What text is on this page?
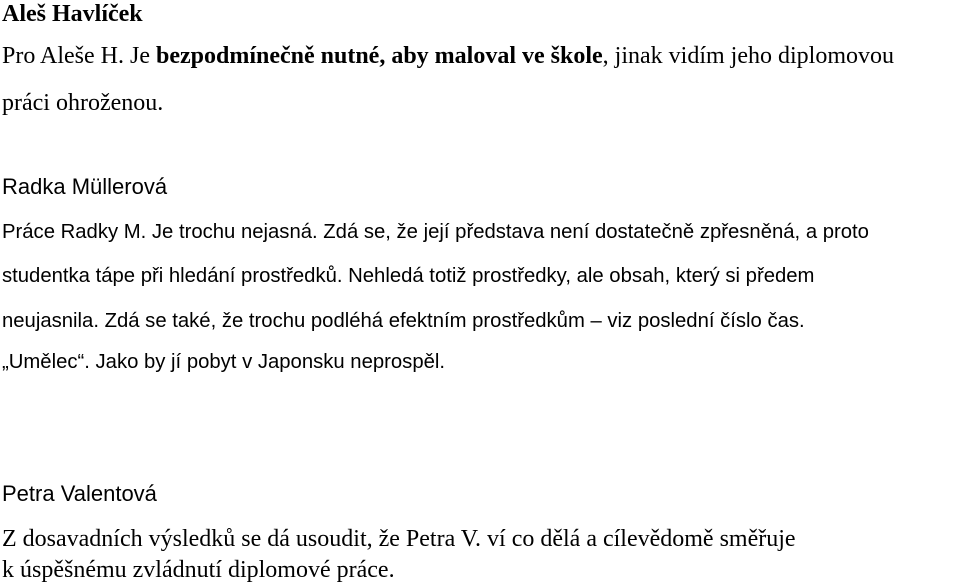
Aleš Havlíček
Pro Aleše H. Je bezpodmínečně nutné, aby maloval ve škole, jinak vidím jeho diplomovou
práci ohroženou.
Radka Müllerová
Práce Radky M. Je trochu nejasná. Zdá se, že její představa není dostatečně zpřesněná, a proto
studentka tápe při hledání prostředků. Nehledá totiž prostředky, ale obsah, který si předem
neujasnila. Zdá se také, že trochu podléhá efektním prostředkům – viz poslední číslo čas.
„Umělec“. Jako by jí pobyt v Japonsku neprospěl.
Petra Valentová
Z dosavadních výsledků se dá usoudit, že Petra V. ví co dělá a cílevědomě směřuje
k úspěšnému zvládnutí diplomové práce.
